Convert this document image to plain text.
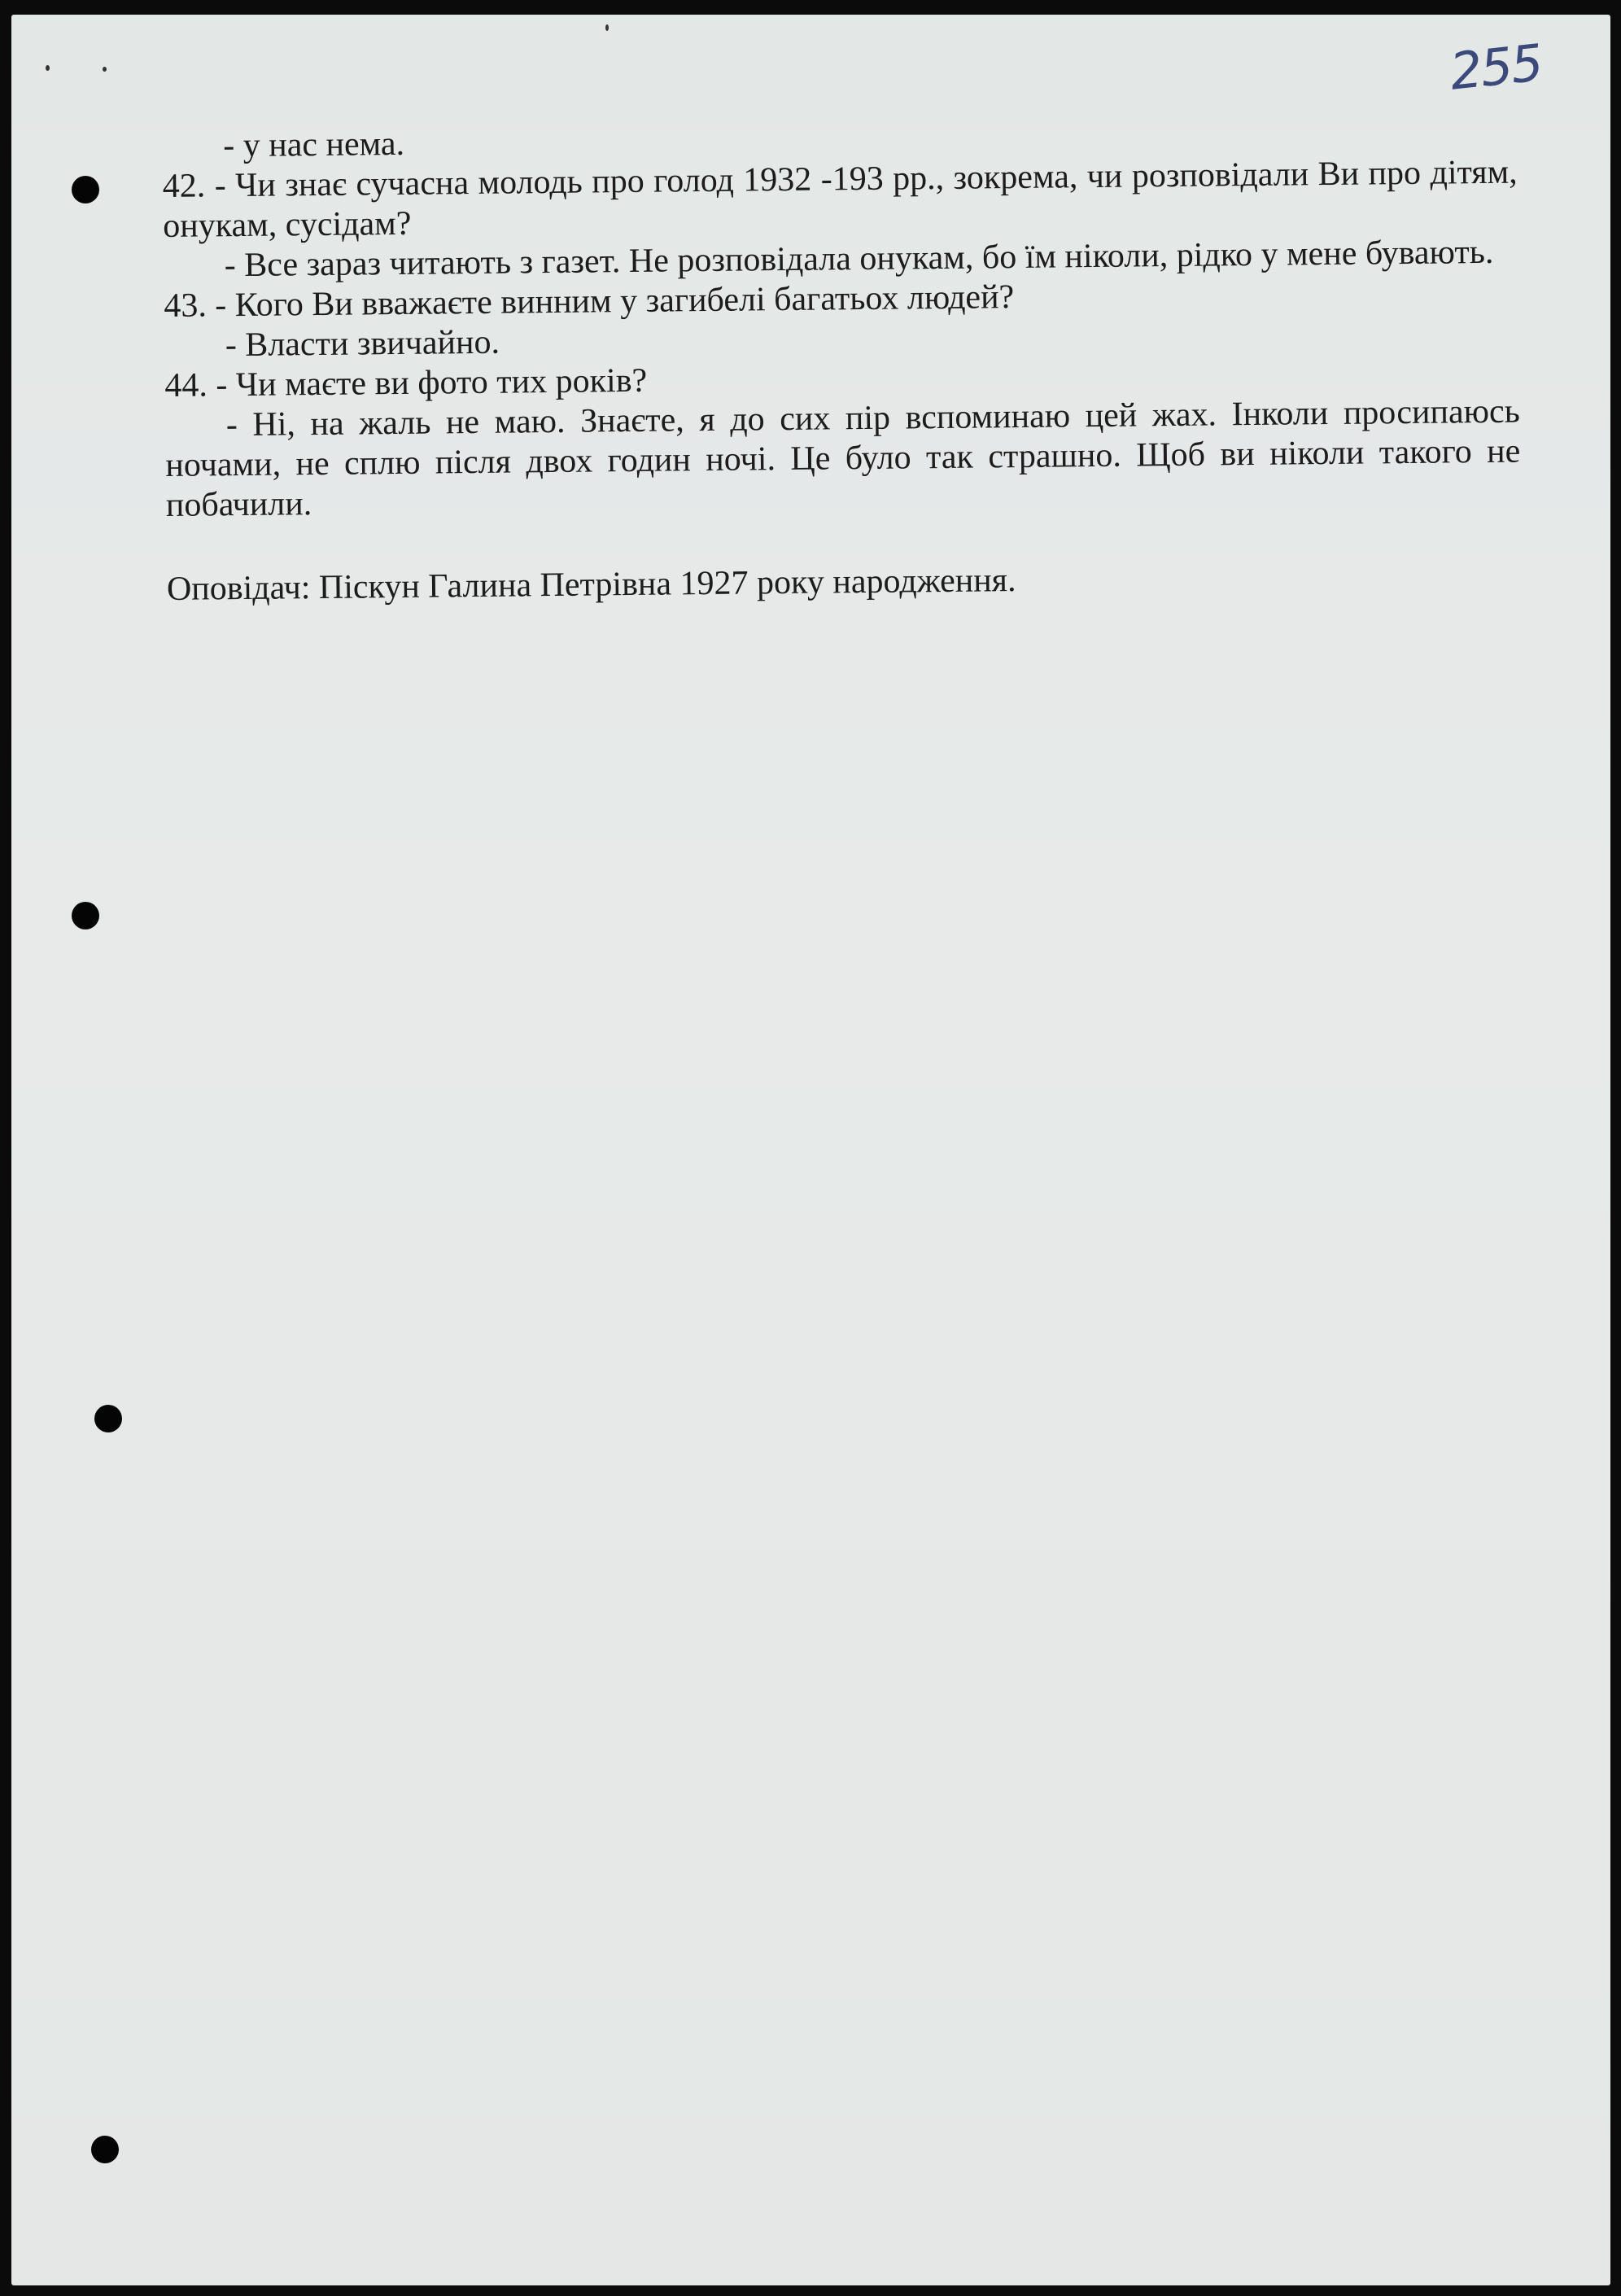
255

- у нас нема.

42. - Чи знає сучасна молодь про голод 1932 -193 рр., зокрема, чи розповідали Ви про дітям, онукам, сусідам?

- Все зараз читають з газет. Не розповідала онукам, бо їм ніколи, рідко у мене бувають.

43. - Кого Ви вважаєте винним у загибелі багатьох людей?

- Власти звичайно.

44. - Чи маєте ви фото тих років?

- Ні, на жаль не маю. Знаєте, я до сих пір вспоминаю цей жах. Інколи просипаюсь ночами, не сплю після двох годин ночі. Це було так страшно. Щоб ви ніколи такого не побачили.

Оповідач: Піскун Галина Петрівна 1927 року народження.
